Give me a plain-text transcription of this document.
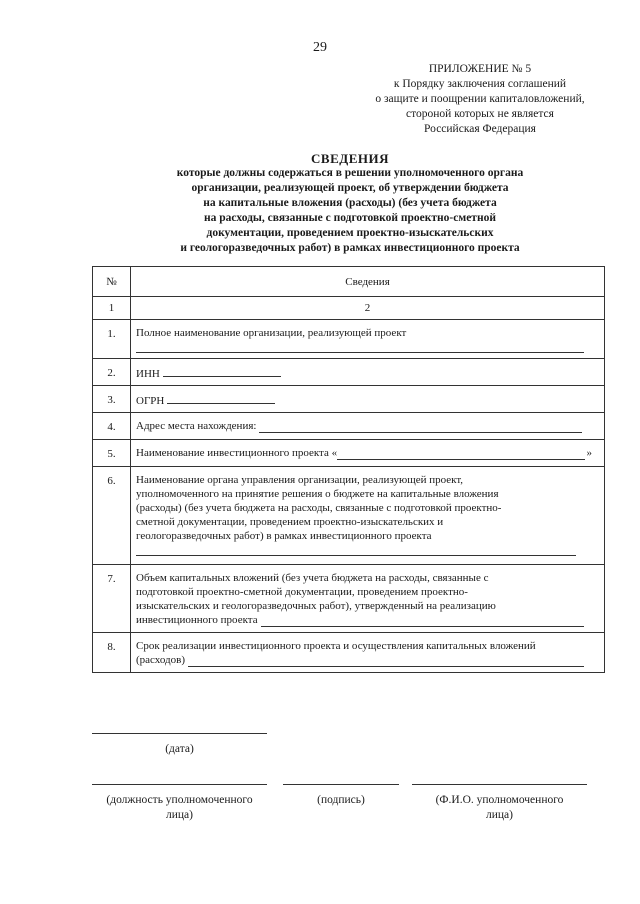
29
ПРИЛОЖЕНИЕ № 5
к Порядку заключения соглашений
о защите и поощрении капиталовложений,
стороной которых не является
Российская Федерация
СВЕДЕНИЯ
которые должны содержаться в решении уполномоченного органа
организации, реализующей проект, об утверждении бюджета
на капитальные вложения (расходы) (без учета бюджета
на расходы, связанные с подготовкой проектно-сметной
документации, проведением проектно-изыскательских
и геологоразведочных работ) в рамках инвестиционного проекта
№	Сведения
1	2
1.	Полное наименование организации, реализующей проект

2.	ИНН
3.	ОГРН
4.	Адрес места нахождения:

5.	Наименование инвестиционного проекта « »

6.	Наименование органа управления организации, реализующей проект,
уполномоченного на принятие решения о бюджете на капитальные вложения
(расходы) (без учета бюджета на расходы, связанные с подготовкой проектно-
сметной документации, проведением проектно-изыскательских и
геологоразведочных работ) в рамках инвестиционного проекта

7.	Объем капитальных вложений (без учета бюджета на расходы, связанные с
подготовкой проектно-сметной документации, проведением проектно-
изыскательских и геологоразведочных работ), утвержденный на реализацию
инвестиционного проекта

8.	Срок реализации инвестиционного проекта и осуществления капитальных вложений
(расходов)
(дата)
(должность уполномоченного
лица)
(подпись)	(Ф.И.О. уполномоченного
лица)
